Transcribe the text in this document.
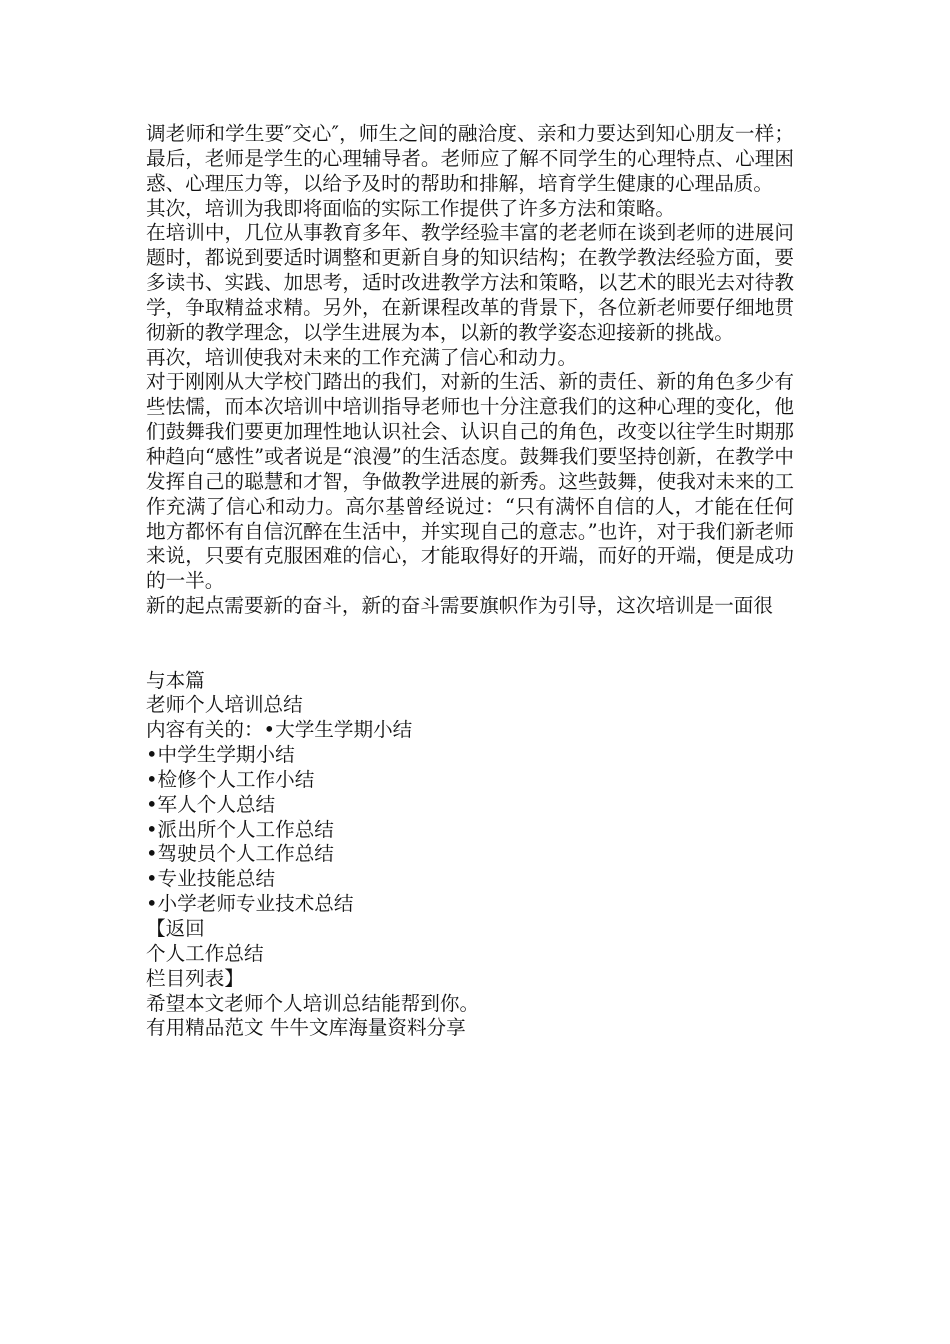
调老师和学生要″交心″，师生之间的融洽度、亲和力要达到知心朋友一样；最后，老师是学生的心理辅导者。老师应了解不同学生的心理特点、心理困惑、心理压力等，以给予及时的帮助和排解，培育学生健康的心理品质。

其次，培训为我即将面临的实际工作提供了许多方法和策略。

在培训中，几位从事教育多年、教学经验丰富的老老师在谈到老师的进展问题时，都说到要适时调整和更新自身的知识结构；在教学教法经验方面，要多读书、实践、加思考，适时改进教学方法和策略，以艺术的眼光去对待教学，争取精益求精。另外，在新课程改革的背景下，各位新老师要仔细地贯彻新的教学理念，以学生进展为本，以新的教学姿态迎接新的挑战。

再次，培训使我对未来的工作充满了信心和动力。

对于刚刚从大学校门踏出的我们，对新的生活、新的责任、新的角色多少有些怯懦，而本次培训中培训指导老师也十分注意我们的这种心理的变化，他们鼓舞我们要更加理性地认识社会、认识自己的角色，改变以往学生时期那种趋向“感性”或者说是“浪漫”的生活态度。鼓舞我们要坚持创新，在教学中发挥自己的聪慧和才智，争做教学进展的新秀。这些鼓舞，使我对未来的工作充满了信心和动力。高尔基曾经说过：“只有满怀自信的人，才能在任何地方都怀有自信沉醉在生活中，并实现自己的意志。”也许，对于我们新老师来说，只要有克服困难的信心，才能取得好的开端，而好的开端，便是成功的一半。

新的起点需要新的奋斗，新的奋斗需要旗帜作为引导，这次培训是一面很

与本篇

老师个人培训总结

内容有关的：•大学生学期小结

•中学生学期小结

•检修个人工作小结

•军人个人总结

•派出所个人工作总结

•驾驶员个人工作总结

•专业技能总结

•小学老师专业技术总结

【返回

个人工作总结

栏目列表】

希望本文老师个人培训总结能帮到你。

有用精品范文 牛牛文库海量资料分享
